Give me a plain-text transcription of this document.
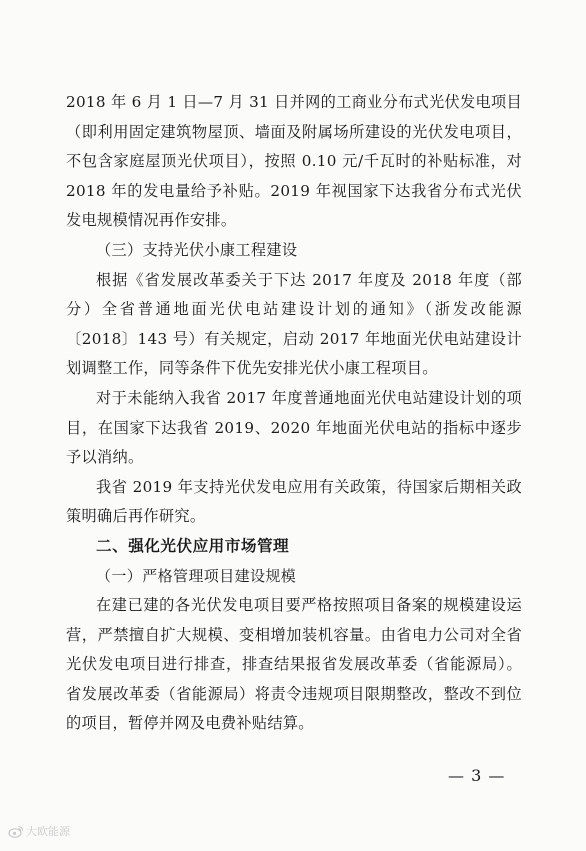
2018 年 6 月 1 日—7 月 31 日并网的工商业分布式光伏发电项目（即利用固定建筑物屋顶、墙面及附属场所建设的光伏发电项目，不包含家庭屋顶光伏项目），按照 0.10 元/千瓦时的补贴标准，对 2018 年的发电量给予补贴。2019 年视国家下达我省分布式光伏发电规模情况再作安排。

（三）支持光伏小康工程建设

根据《省发展改革委关于下达 2017 年度及 2018 年度（部分）全省普通地面光伏电站建设计划的通知》（浙发改能源〔2018〕143 号）有关规定，启动 2017 年地面光伏电站建设计划调整工作，同等条件下优先安排光伏小康工程项目。

对于未能纳入我省 2017 年度普通地面光伏电站建设计划的项目，在国家下达我省 2019、2020 年地面光伏电站的指标中逐步予以消纳。

我省 2019 年支持光伏发电应用有关政策，待国家后期相关政策明确后再作研究。

二、强化光伏应用市场管理

（一）严格管理项目建设规模

在建已建的各光伏发电项目要严格按照项目备案的规模建设运营，严禁擅自扩大规模、变相增加装机容量。由省电力公司对全省光伏发电项目进行排查，排查结果报省发展改革委（省能源局）。省发展改革委（省能源局）将责令违规项目限期整改，整改不到位的项目，暂停并网及电费补贴结算。

— 3 —
大欧能源
